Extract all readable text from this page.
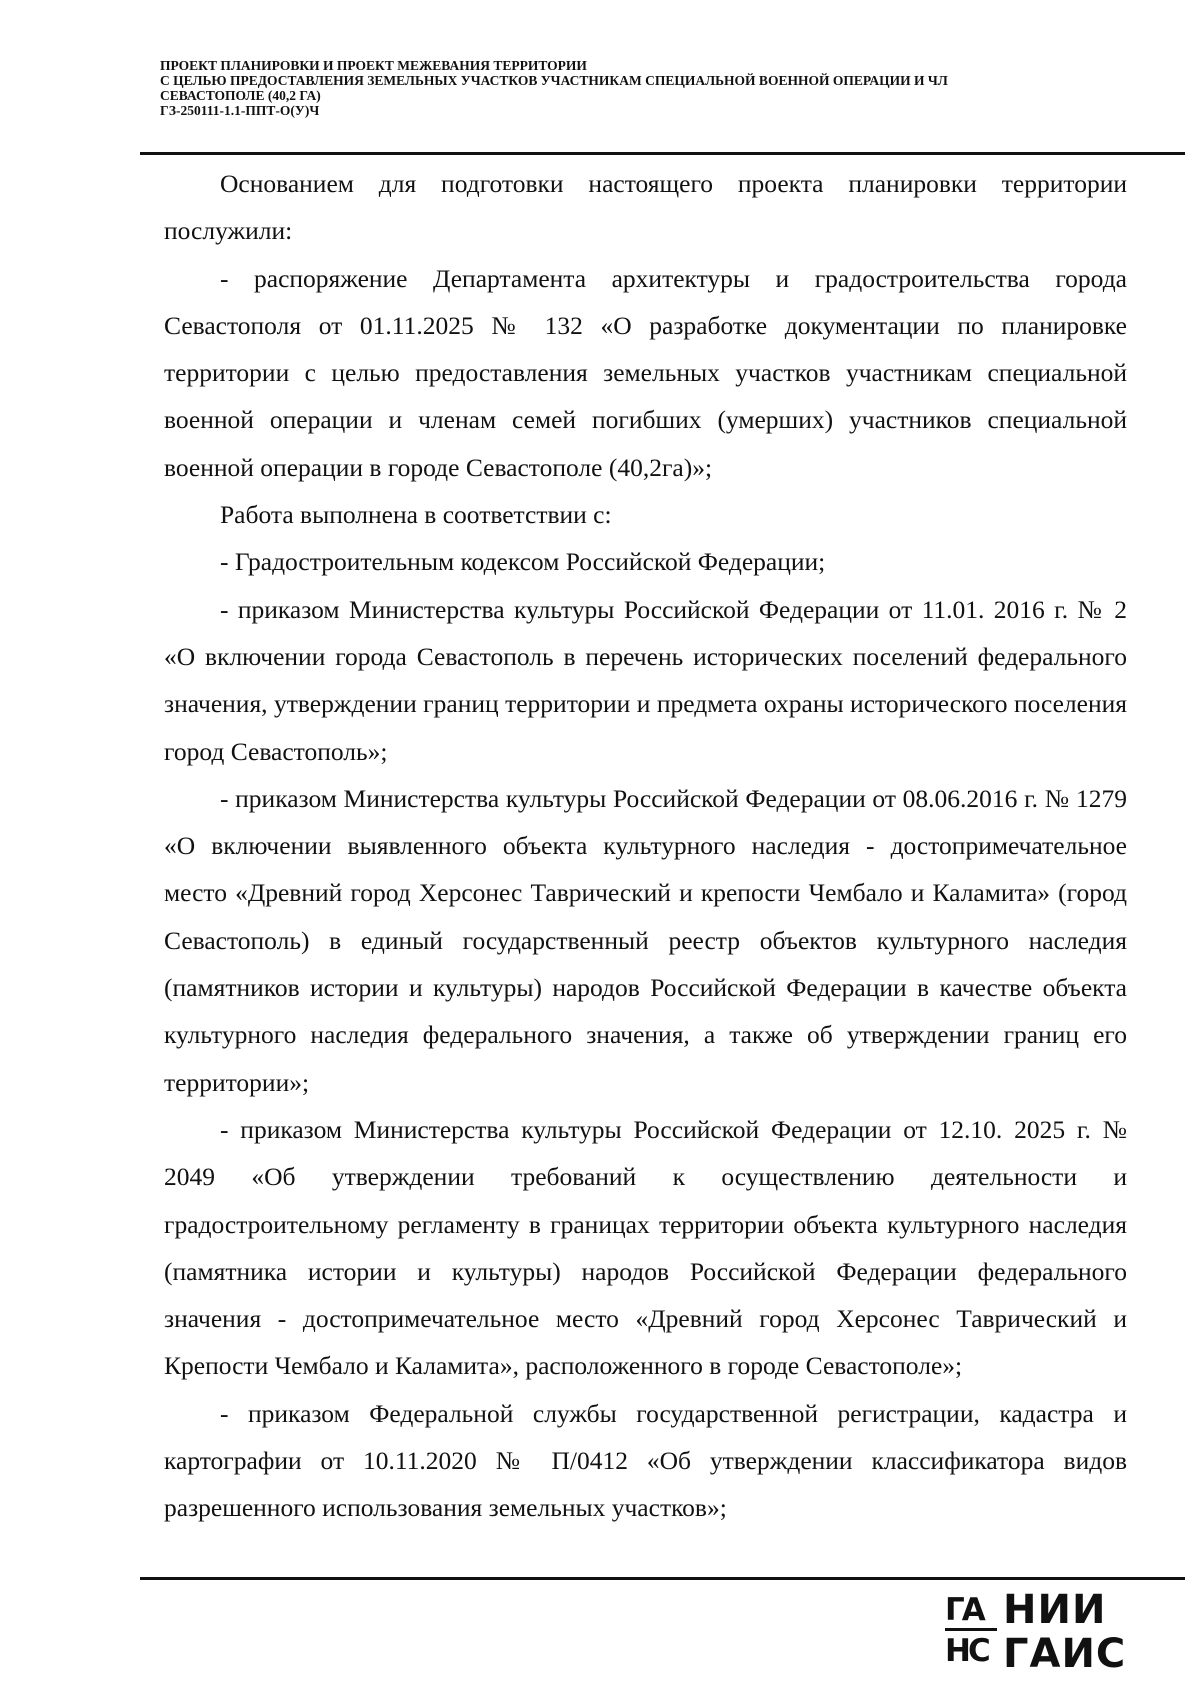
ПРОЕКТ ПЛАНИРОВКИ И ПРОЕКТ МЕЖЕВАНИЯ ТЕРРИТОРИИ
С ЦЕЛЬЮ ПРЕДОСТАВЛЕНИЯ ЗЕМЕЛЬНЫХ УЧАСТКОВ УЧАСТНИКАМ СПЕЦИАЛЬНОЙ ВОЕННОЙ ОПЕРАЦИИ И ЧЛ
СЕВАСТОПОЛЕ (40,2 ГА)
ГЗ-250111-1.1-ППТ-О(У)Ч

Основанием для подготовки настоящего проекта планировки территории послужили:

- распоряжение Департамента архитектуры и градостроительства города Севастополя от 01.11.2025 № 132 «О разработке документации по планировке территории с целью предоставления земельных участков участникам специальной военной операции и членам семей погибших (умерших) участников специальной военной операции в городе Севастополе (40,2га)»;

Работа выполнена в соответствии с:

- Градостроительным кодексом Российской Федерации;

- приказом Министерства культуры Российской Федерации от 11.01. 2016 г. № 2 «О включении города Севастополь в перечень исторических поселений федерального значения, утверждении границ территории и предмета охраны исторического поселения город Севастополь»;

- приказом Министерства культуры Российской Федерации от 08.06.2016 г. № 1279 «О включении выявленного объекта культурного наследия - достопримечательное место «Древний город Херсонес Таврический и крепости Чембало и Каламита» (город Севастополь) в единый государственный реестр объектов культурного наследия (памятников истории и культуры) народов Российской Федерации в качестве объекта культурного наследия федерального значения, а также об утверждении границ его территории»;

- приказом Министерства культуры Российской Федерации от 12.10. 2025 г. № 2049 «Об утверждении требований к осуществлению деятельности и градостроительному регламенту в границах территории объекта культурного наследия (памятника истории и культуры) народов Российской Федерации федерального значения - достопримечательное место «Древний город Херсонес Таврический и Крепости Чембало и Каламита», расположенного в городе Севастополе»;

- приказом Федеральной службы государственной регистрации, кадастра и картографии от 10.11.2020 № П/0412 «Об утверждении классификатора видов разрешенного использования земельных участков»;

ГА
НС
НИИ
ГАИС
